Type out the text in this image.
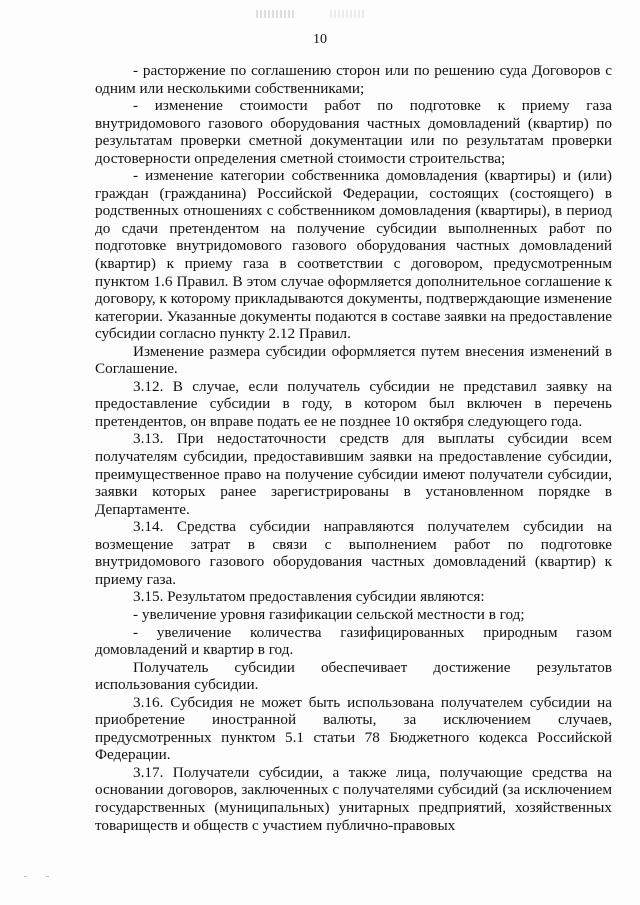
10

- расторжение по соглашению сторон или по решению суда Договоров с одним или несколькими собственниками;

- изменение стоимости работ по подготовке к приему газа внутридомового газового оборудования частных домовладений (квартир) по результатам проверки сметной документации или по результатам проверки достоверности определения сметной стоимости строительства;

- изменение категории собственника домовладения (квартиры) и (или) граждан (гражданина) Российской Федерации, состоящих (состоящего) в родственных отношениях с собственником домовладения (квартиры), в период до сдачи претендентом на получение субсидии выполненных работ по подготовке внутридомового газового оборудования частных домовладений (квартир) к приему газа в соответствии с договором, предусмотренным пунктом 1.6 Правил. В этом случае оформляется дополнительное соглашение к договору, к которому прикладываются документы, подтверждающие изменение категории. Указанные документы подаются в составе заявки на предоставление субсидии согласно пункту 2.12 Правил.

Изменение размера субсидии оформляется путем внесения изменений в Соглашение.

3.12. В случае, если получатель субсидии не представил заявку на предоставление субсидии в году, в котором был включен в перечень претендентов, он вправе подать ее не позднее 10 октября следующего года.

3.13. При недостаточности средств для выплаты субсидии всем получателям субсидии, предоставившим заявки на предоставление субсидии, преимущественное право на получение субсидии имеют получатели субсидии, заявки которых ранее зарегистрированы в установленном порядке в Департаменте.

3.14. Средства субсидии направляются получателем субсидии на возмещение затрат в связи с выполнением работ по подготовке внутридомового газового оборудования частных домовладений (квартир) к приему газа.

3.15. Результатом предоставления субсидии являются:

- увеличение уровня газификации сельской местности в год;

- увеличение количества газифицированных природным газом домовладений и квартир в год.

Получатель субсидии обеспечивает достижение результатов использования субсидии.

3.16. Субсидия не может быть использована получателем субсидии на приобретение иностранной валюты, за исключением случаев, предусмотренных пунктом 5.1 статьи 78 Бюджетного кодекса Российской Федерации.

3.17. Получатели субсидии, а также лица, получающие средства на основании договоров, заключенных с получателями субсидий (за исключением государственных (муниципальных) унитарных предприятий, хозяйственных товариществ и обществ с участием публично-правовых
